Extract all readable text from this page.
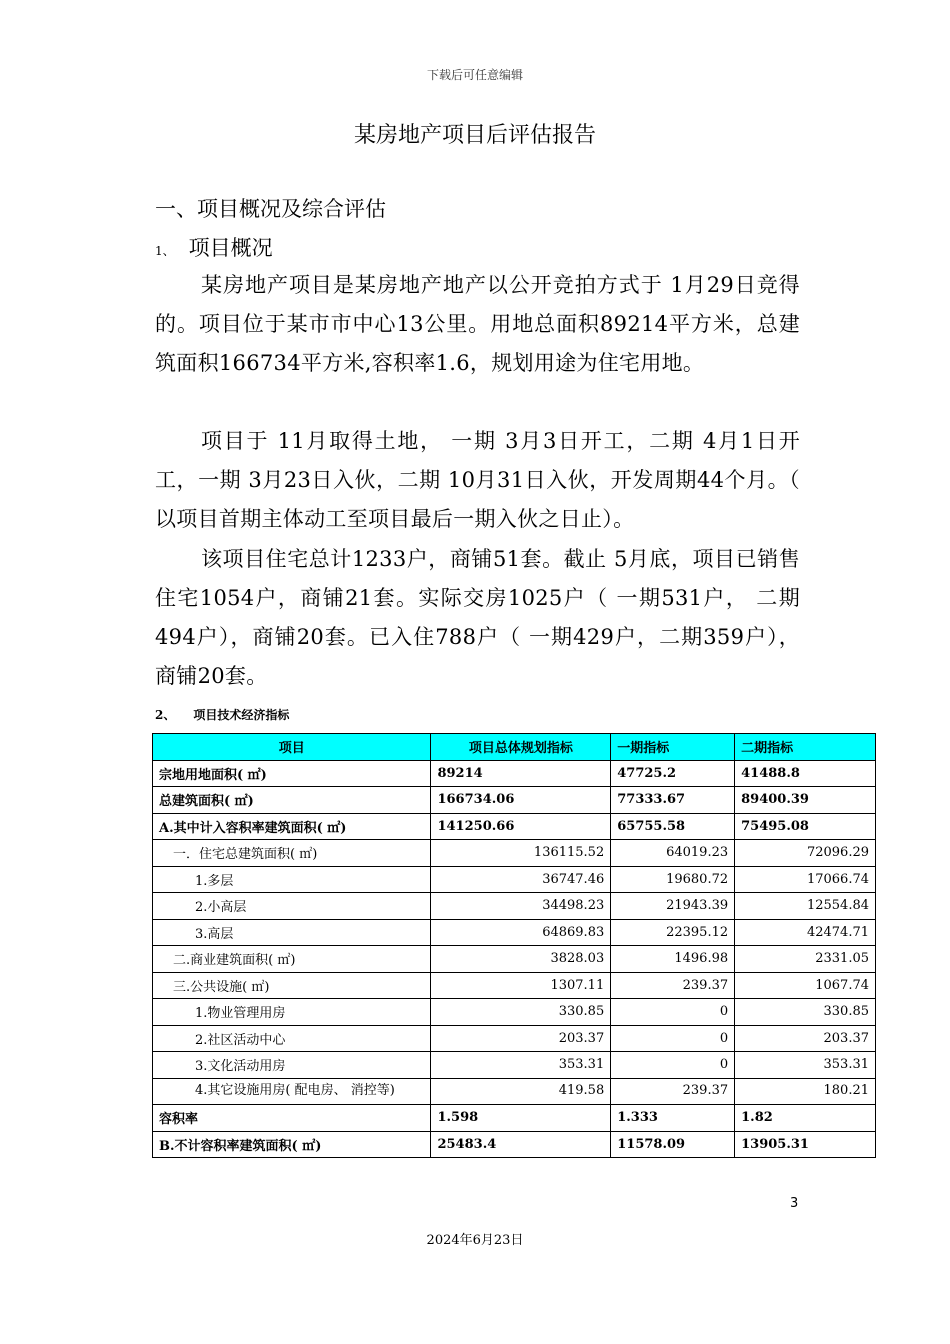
下载后可任意编辑
某房地产项目后评估报告
一、项目概况及综合评估
1、 项目概况
某房地产项目是某房地产地产以公开竞拍方式于 1月29日竞得的。项目位于某市市中心13公里。用地总面积89214平方米，总建筑面积166734平方米,容积率1.6，规划用途为住宅用地。
项目于 11月取得土地， 一期 3月3日开工，二期 4月1日开工，一期 3月23日入伙，二期 10月31日入伙，开发周期44个月。（ 以项目首期主体动工至项目最后一期入伙之日止）。
该项目住宅总计1233户，商铺51套。截止 5月底，项目已销售住宅1054户，商铺21套。实际交房1025户（ 一期531户， 二期494户），商铺20套。已入住788户（ 一期429户，二期359户），商铺20套。
2、 项目技术经济指标
项目	项目总体规划指标	一期指标	二期指标
宗地用地面积( ㎡)	89214	47725.2	41488.8
总建筑面积( ㎡)	166734.06	77333.67	89400.39
A.其中计入容积率建筑面积( ㎡)	141250.66	65755.58	75495.08
一．住宅总建筑面积( ㎡)	136115.52	64019.23	72096.29
1.多层	36747.46	19680.72	17066.74
2.小高层	34498.23	21943.39	12554.84
3.高层	64869.83	22395.12	42474.71
二.商业建筑面积( ㎡)	3828.03	1496.98	2331.05
三.公共设施( ㎡)	1307.11	239.37	1067.74
1.物业管理用房	330.85	0	330.85
2.社区活动中心	203.37	0	203.37
3.文化活动用房	353.31	0	353.31
4.其它设施用房( 配电房、 消控等)	419.58	239.37	180.21
容积率	1.598	1.333	1.82
B.不计容积率建筑面积( ㎡)	25483.4	11578.09	13905.31
3
2024年6月23日
